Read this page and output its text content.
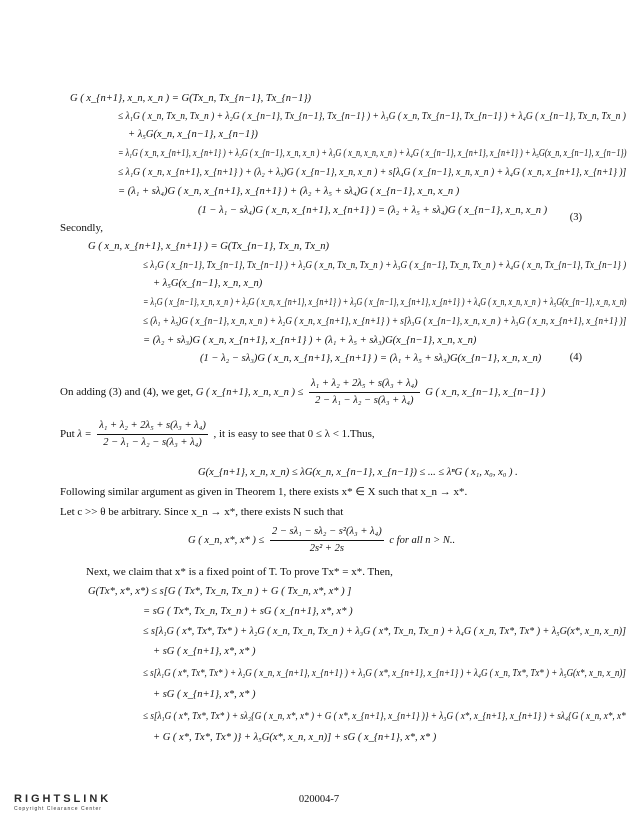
G ( x_{n+1}, x_n, x_n ) = G(Tx_n, Tx_{n−1}, Tx_{n−1})
≤ λ₁G ( x_n, Tx_n, Tx_n ) + λ₂G ( x_{n−1}, Tx_{n−1}, Tx_{n−1} ) + λ₃G ( x_n, Tx_{n−1}, Tx_{n−1} ) + λ₄G ( x_{n−1}, Tx_n, Tx_n )
+ λ₅G(x_n, x_{n−1}, x_{n−1})
= λ₁G ( x_n, x_{n+1}, x_{n+1} ) + λ₂G ( x_{n−1}, x_n, x_n ) + λ₃G ( x_n, x_n, x_n ) + λ₄G ( x_{n−1}, x_{n+1}, x_{n+1} ) + λ₅G(x_n, x_{n−1}, x_{n−1})
≤ λ₁G ( x_n, x_{n+1}, x_{n+1} ) + (λ₂ + λ₅)G ( x_{n−1}, x_n, x_n ) + s[λ₄G ( x_{n−1}, x_n, x_n ) + λ₄G ( x_n, x_{n+1}, x_{n+1} )]
= (λ₁ + sλ₄)G ( x_n, x_{n+1}, x_{n+1} ) + (λ₂ + λ₅ + sλ₄)G ( x_{n−1}, x_n, x_n )
(1 − λ₁ − sλ₄)G ( x_n, x_{n+1}, x_{n+1} ) = (λ₂ + λ₅ + sλ₄)G ( x_{n−1}, x_n, x_n )
(3)
Secondly,
G ( x_n, x_{n+1}, x_{n+1} ) = G(Tx_{n−1}, Tx_n, Tx_n)
≤ λ₁G ( x_{n−1}, Tx_{n−1}, Tx_{n−1} ) + λ₂G ( x_n, Tx_n, Tx_n ) + λ₃G ( x_{n−1}, Tx_n, Tx_n ) + λ₄G ( x_n, Tx_{n−1}, Tx_{n−1} )
+ λ₅G(x_{n−1}, x_n, x_n)
= λ₁G ( x_{n−1}, x_n, x_n ) + λ₂G ( x_n, x_{n+1}, x_{n+1} ) + λ₃G ( x_{n−1}, x_{n+1}, x_{n+1} ) + λ₄G ( x_n, x_n, x_n ) + λ₅G(x_{n−1}, x_n, x_n)
≤ (λ₁ + λ₅)G ( x_{n−1}, x_n, x_n ) + λ₂G ( x_n, x_{n+1}, x_{n+1} ) + s[λ₃G ( x_{n−1}, x_n, x_n ) + λ₃G ( x_n, x_{n+1}, x_{n+1} )]
= (λ₂ + sλ₃)G ( x_n, x_{n+1}, x_{n+1} ) + (λ₁ + λ₅ + sλ₃)G(x_{n−1}, x_n, x_n)
(1 − λ₂ − sλ₃)G ( x_n, x_{n+1}, x_{n+1} ) = (λ₁ + λ₅ + sλ₃)G(x_{n−1}, x_n, x_n)	(4)
On adding (3) and (4), we get, G ( x_{n+1}, x_n, x_n ) ≤ $\frac{\text{λ₁ + λ₂ + 2λ₅ + s(λ₃ + λ₄)}}{\text{2 − λ₁ − λ₂ − s(λ₃ + λ₄)}}$ G ( x_n, x_{n−1}, x_{n−1} )
Put $\lambda = \frac{\text{λ₁ + λ₂ + 2λ₅ + s(λ₃ + λ₄)}}{\text{2 − λ₁ − λ₂ − s(λ₃ + λ₄)}}$ , it is easy to see that 0 ≤ λ < 1.Thus,
G(x_{n+1}, x_n, x_n) ≤ λG(x_n, x_{n−1}, x_{n−1}) ≤ ... ≤ λⁿG ( x₁, x₀, x₀ ) .
Following similar argument as given in Theorem 1, there exists x* ∈ X such that x_n → x*.
Let c >> θ be arbitrary. Since x_n → x*, there exists N such that
G ( x_n, x*, x* ) ≤ $\frac{\text{2 − sλ₁ − sλ₂ − s²(λ₃ + λ₄)}}{\text{2s² + 2s}}$ c for all n > N..
Next, we claim that x* is a fixed point of T. To prove Tx* = x*. Then,
G(Tx*, x*, x*) ≤ s[G ( Tx*, Tx_n, Tx_n ) + G ( Tx_n, x*, x* ) ]
= sG ( Tx*, Tx_n, Tx_n ) + sG ( x_{n+1}, x*, x* )
≤ s[λ₁G ( x*, Tx*, Tx* ) + λ₂G ( x_n, Tx_n, Tx_n ) + λ₃G ( x*, Tx_n, Tx_n ) + λ₄G ( x_n, Tx*, Tx* ) + λ₅G(x*, x_n, x_n)]
+ sG ( x_{n+1}, x*, x* )
≤ s[λ₁G ( x*, Tx*, Tx* ) + λ₂G ( x_n, x_{n+1}, x_{n+1} ) + λ₃G ( x*, x_{n+1}, x_{n+1} ) + λ₄G ( x_n, Tx*, Tx* ) + λ₅G(x*, x_n, x_n)]
+ sG ( x_{n+1}, x*, x* )
≤ s[λ₁G ( x*, Tx*, Tx* ) + sλ₂{G ( x_n, x*, x* ) + G ( x*, x_{n+1}, x_{n+1} )} + λ₃G ( x*, x_{n+1}, x_{n+1} ) + sλ₄{G ( x_n, x*, x*
+ G ( x*, Tx*, Tx* )} + λ₅G(x*, x_n, x_n)] + sG ( x_{n+1}, x*, x* )
RIGHTSLINK
Copyright Clearance Center
020004-7
